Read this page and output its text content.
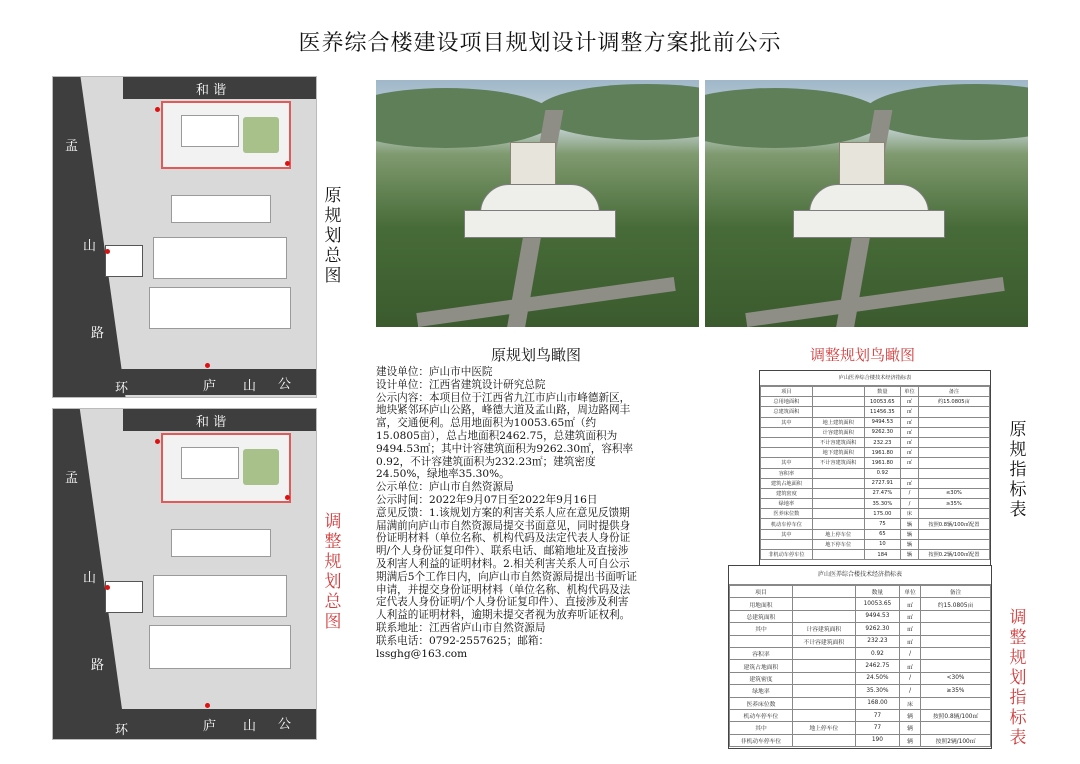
医养综合楼建设项目规划设计调整方案批前公示
和 谐
孟
山
路
环	庐 山 公
原规划总图
和 谐
孟
山
路
环	庐 山 公
调整规划总图
原规划鸟瞰图	调整规划鸟瞰图

建设单位：庐山市中医院

设计单位：江西省建筑设计研究总院

公示内容：本项目位于江西省九江市庐山市峰德新区，地块紧邻环庐山公路，峰德大道及孟山路，周边路网丰富，交通便利。总用地面积为10053.65㎡（约15.0805亩），总占地面积2462.75，总建筑面积为9494.53㎡；其中计容建筑面积为9262.30㎡，容积率0.92，不计容建筑面积为232.23㎡；建筑密度24.50%，绿地率35.30%。

公示单位：庐山市自然资源局

公示时间：2022年9月07日至2022年9月16日

意见反馈：1.该规划方案的利害关系人应在意见反馈期届满前向庐山市自然资源局提交书面意见，同时提供身份证明材料（单位名称、机构代码及法定代表人身份证明/个人身份证复印件）、联系电话、邮箱地址及直接涉及利害人利益的证明材料。2.相关利害关系人可自公示期满后5个工作日内，向庐山市自然资源局提出书面听证申请，并提交身份证明材料（单位名称、机构代码及法定代表人身份证明/个人身份证复印件）、直接涉及利害人利益的证明材料，逾期未提交者视为放弃听证权利。

联系地址：江西省庐山市自然资源局

联系电话：0792-2557625；邮箱：lssghg@163.com

庐山医养综合楼技术经济指标表
项目		数量	单位	备注
总用地面积		10053.65	㎡	约15.0805亩
总建筑面积		11456.35	㎡	
其中	地上建筑面积	9494.53	㎡	
	计容建筑面积	9262.30	㎡	
	不计容建筑面积	232.23	㎡	
	地下建筑面积	1961.80	㎡	
其中	不计容建筑面积	1961.80	㎡	
容积率		0.92		
建筑占地面积		2727.91	㎡	
建筑密度		27.47%	/	≤30%
绿地率		35.30%	/	≥35%
医养床位数		175.00	床	
机动车停车位		75	辆	按照0.8辆/100㎡配置
其中	地上停车位	65	辆	
	地下停车位	10	辆	
非机动车停车位		184	辆	按照0.2辆/100㎡配置
原规指标表
庐山医养综合楼技术经济指标表
项目		数量	单位	备注
用地面积		10053.65	㎡	约15.0805亩
总建筑面积		9494.53	㎡	
其中	计容建筑面积	9262.30	㎡	
	不计容建筑面积	232.23	㎡	
容积率		0.92	/	
建筑占地面积		2462.75	㎡	
建筑密度		24.50%	/	<30%
绿地率		35.30%	/	≥35%
医养床位数		168.00	床	
机动车停车位		77	辆	按照0.8辆/100㎡
其中	地上停车位	77	辆	
非机动车停车位		190	辆	按照2辆/100㎡
调整规划指标表
